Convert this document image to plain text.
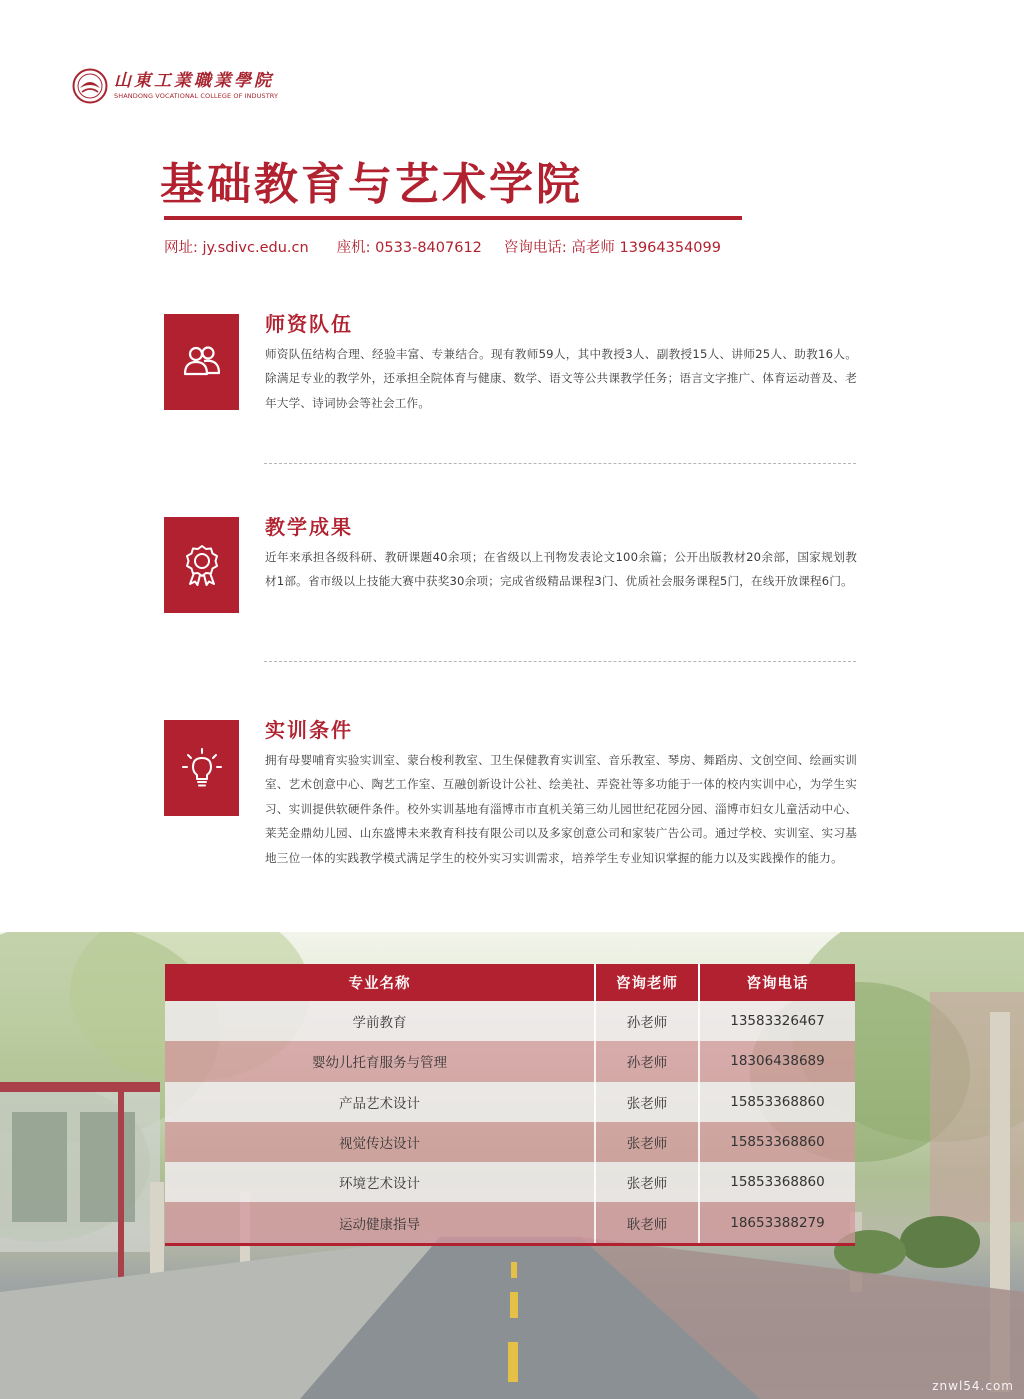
山東工業職業學院
SHANDONG VOCATIONAL COLLEGE OF INDUSTRY
基础教育与艺术学院
网址: jy.sdivc.edu.cn 座机: 0533-8407612 咨询电话: 高老师 13964354099
师资队伍

师资队伍结构合理、经验丰富、专兼结合。现有教师59人，其中教授3人、副教授15人、讲师25人、助教16人。除满足专业的教学外，还承担全院体育与健康、数学、语文等公共课教学任务；语言文字推广、体育运动普及、老年大学、诗词协会等社会工作。

教学成果

近年来承担各级科研、教研课题40余项；在省级以上刊物发表论文100余篇；公开出版教材20余部，国家规划教材1部。省市级以上技能大赛中获奖30余项；完成省级精品课程3门、优质社会服务课程5门，在线开放课程6门。

实训条件

拥有母婴哺育实验实训室、蒙台梭利教室、卫生保健教育实训室、音乐教室、琴房、舞蹈房、文创空间、绘画实训室、艺术创意中心、陶艺工作室、互融创新设计公社、绘美社、弄瓷社等多功能于一体的校内实训中心，为学生实习、实训提供软硬件条件。校外实训基地有淄博市市直机关第三幼儿园世纪花园分园、淄博市妇女儿童活动中心、莱芜金鼎幼儿园、山东盛博未来教育科技有限公司以及多家创意公司和家装广告公司。通过学校、实训室、实习基地三位一体的实践教学模式满足学生的校外实习实训需求，培养学生专业知识掌握的能力以及实践操作的能力。

znwl54.com
专业名称	咨询老师	咨询电话
学前教育	孙老师	13583326467
婴幼儿托育服务与管理	孙老师	18306438689
产品艺术设计	张老师	15853368860
视觉传达设计	张老师	15853368860
环境艺术设计	张老师	15853368860
运动健康指导	耿老师	18653388279
